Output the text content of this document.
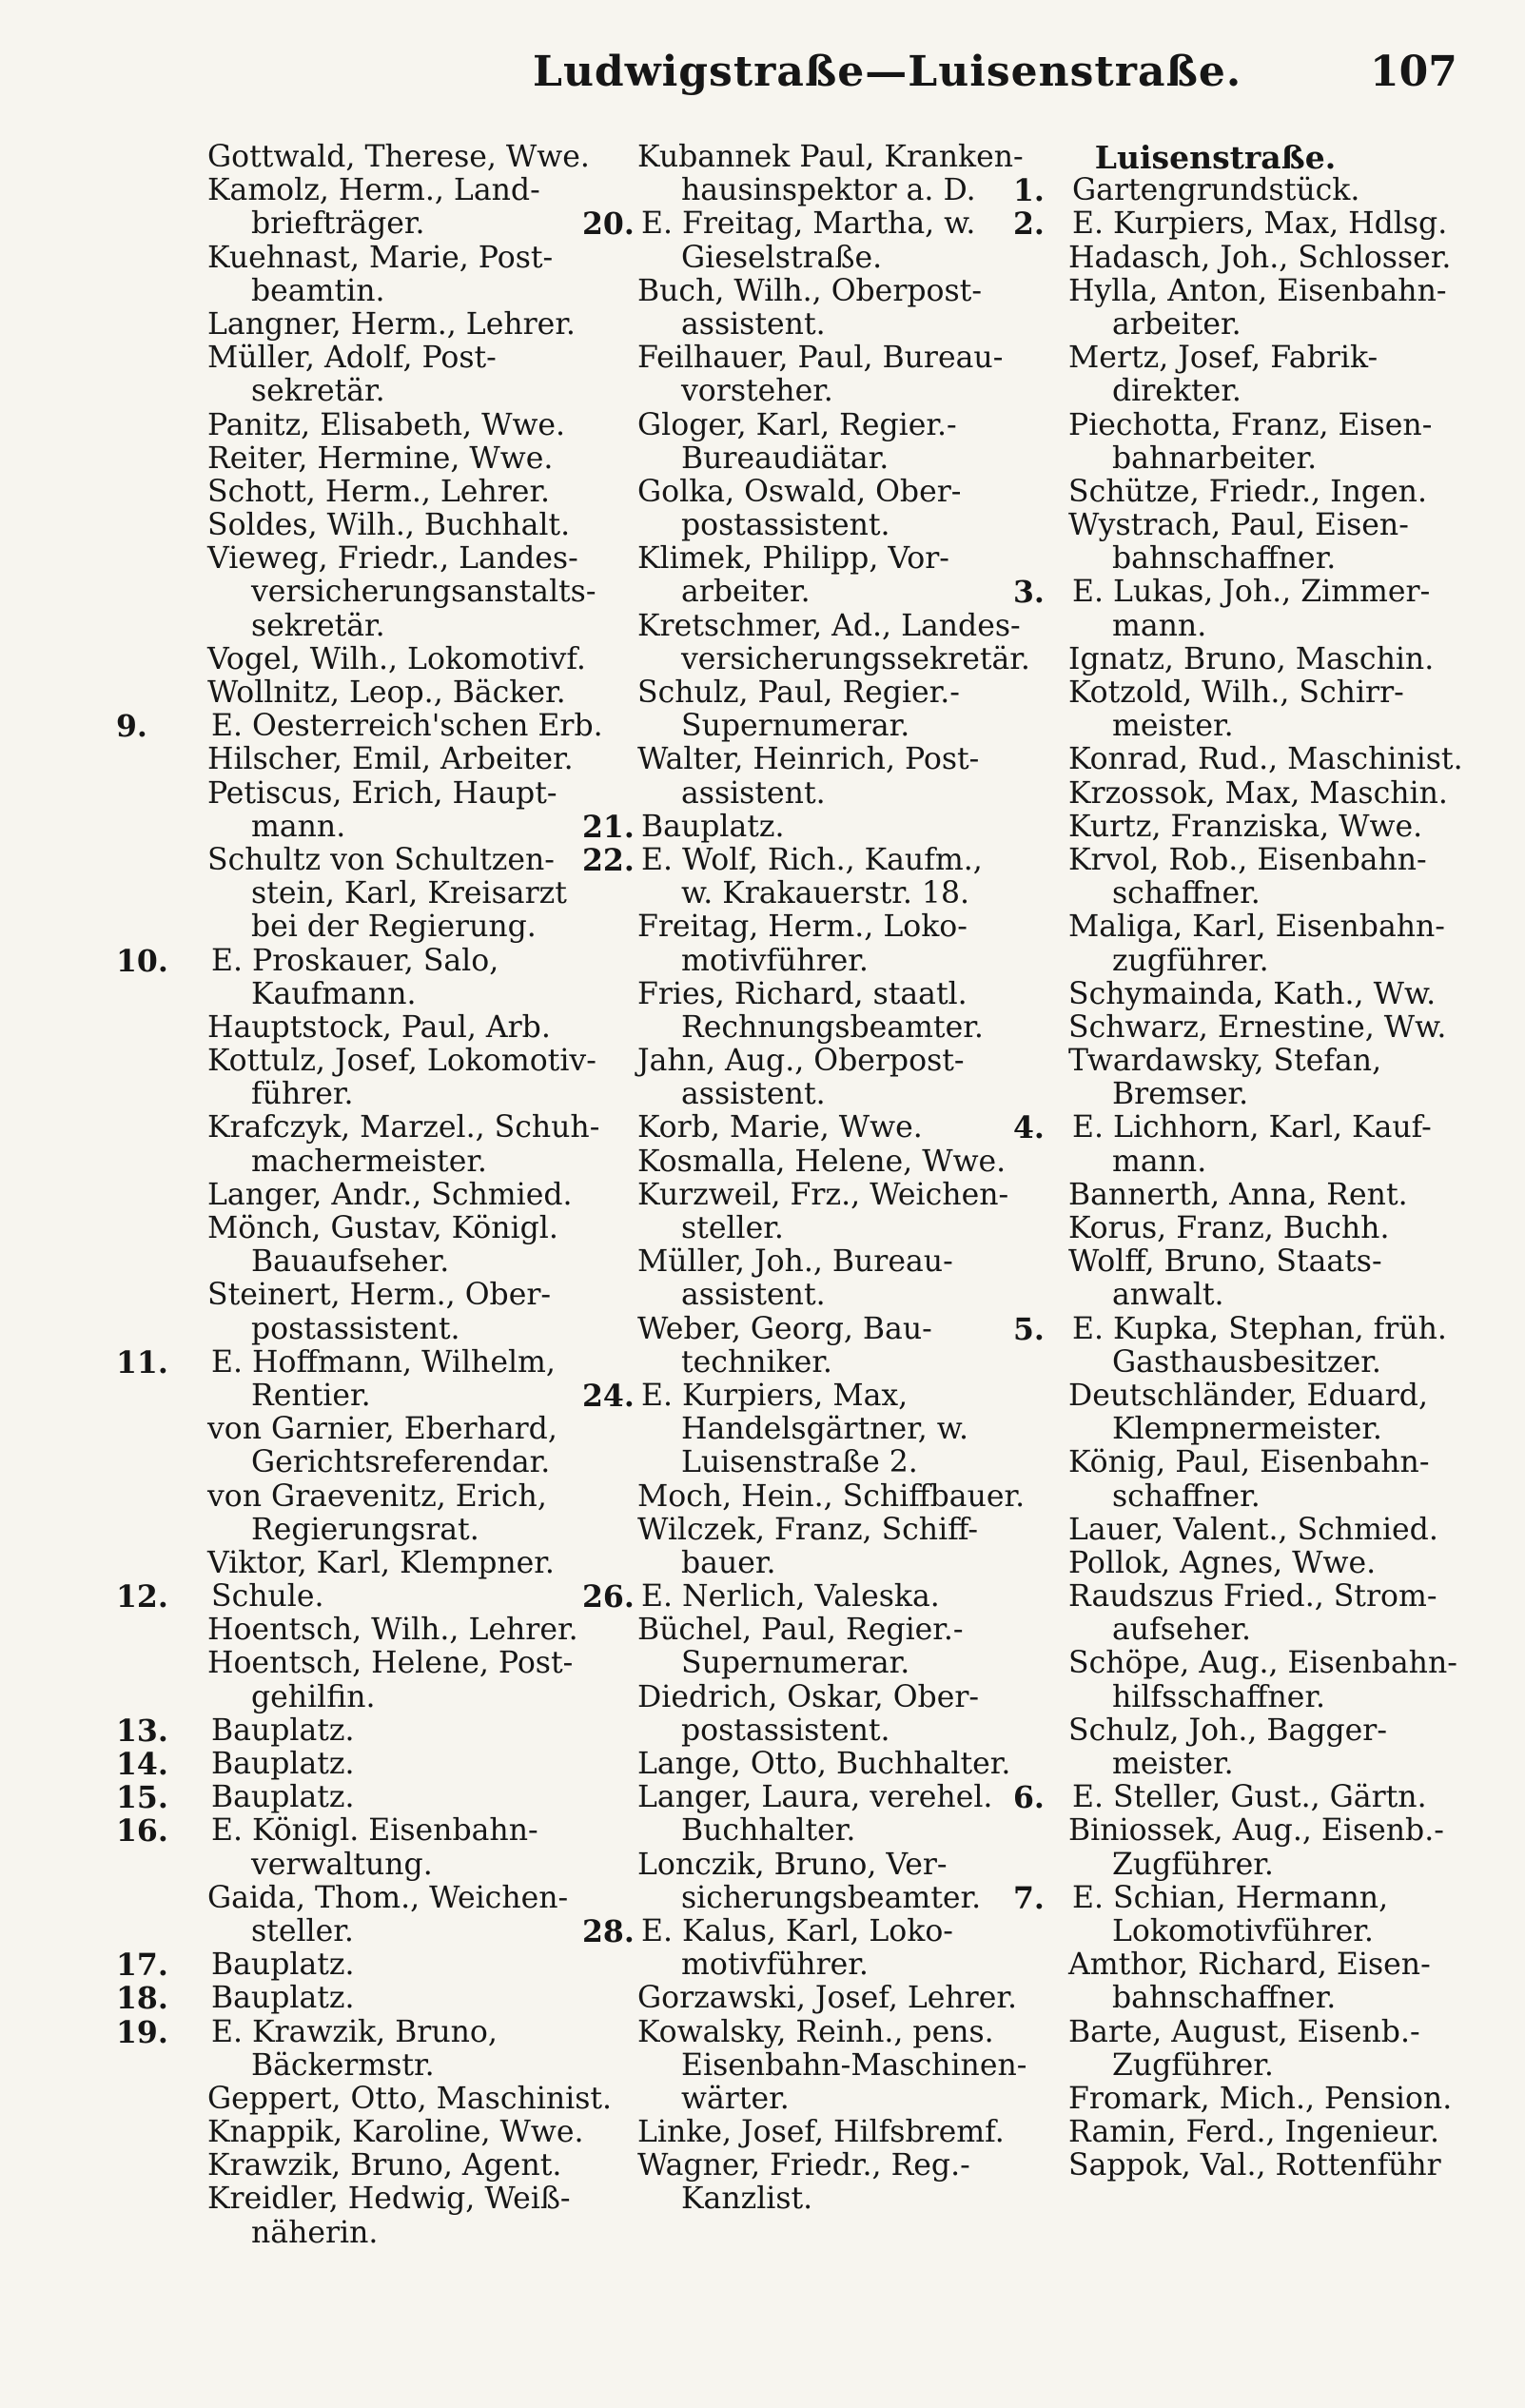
Ludwigstraße—Luisenstraße.	107
Gottwald, Therese, Wwe.
Kamolz, Herm., Land-
briefträger.
Kuehnast, Marie, Post-
beamtin.
Langner, Herm., Lehrer.
Müller, Adolf, Post-
sekretär.
Panitz, Elisabeth, Wwe.
Reiter, Hermine, Wwe.
Schott, Herm., Lehrer.
Soldes, Wilh., Buchhalt.
Vieweg, Friedr., Landes-
versicherungsanstalts-
sekretär.
Vogel, Wilh., Lokomotivf.
Wollnitz, Leop., Bäcker.
9. E. Oesterreich'schen Erb.
Hilscher, Emil, Arbeiter.
Petiscus, Erich, Haupt-
mann.
Schultz von Schultzen-
stein, Karl, Kreisarzt
bei der Regierung.
10. E. Proskauer, Salo,
Kaufmann.
Hauptstock, Paul, Arb.
Kottulz, Josef, Lokomotiv-
führer.
Krafczyk, Marzel., Schuh-
machermeister.
Langer, Andr., Schmied.
Mönch, Gustav, Königl.
Bauaufseher.
Steinert, Herm., Ober-
postassistent.
11. E. Hoffmann, Wilhelm,
Rentier.
von Garnier, Eberhard,
Gerichtsreferendar.
von Graevenitz, Erich,
Regierungsrat.
Viktor, Karl, Klempner.
12. Schule.
Hoentsch, Wilh., Lehrer.
Hoentsch, Helene, Post-
gehilfin.
13. Bauplatz.
14. Bauplatz.
15. Bauplatz.
16. E. Königl. Eisenbahn-
verwaltung.
Gaida, Thom., Weichen-
steller.
17. Bauplatz.
18. Bauplatz.
19. E. Krawzik, Bruno,
Bäckermstr.
Geppert, Otto, Maschinist.
Knappik, Karoline, Wwe.
Krawzik, Bruno, Agent.
Kreidler, Hedwig, Weiß-
näherin.
Kubannek Paul, Kranken-
hausinspektor a. D.
20. E. Freitag, Martha, w.
Gieselstraße.
Buch, Wilh., Oberpost-
assistent.
Feilhauer, Paul, Bureau-
vorsteher.
Gloger, Karl, Regier.-
Bureaudiätar.
Golka, Oswald, Ober-
postassistent.
Klimek, Philipp, Vor-
arbeiter.
Kretschmer, Ad., Landes-
versicherungssekretär.
Schulz, Paul, Regier.-
Supernumerar.
Walter, Heinrich, Post-
assistent.
21. Bauplatz.
22. E. Wolf, Rich., Kaufm.,
w. Krakauerstr. 18.
Freitag, Herm., Loko-
motivführer.
Fries, Richard, staatl.
Rechnungsbeamter.
Jahn, Aug., Oberpost-
assistent.
Korb, Marie, Wwe.
Kosmalla, Helene, Wwe.
Kurzweil, Frz., Weichen-
steller.
Müller, Joh., Bureau-
assistent.
Weber, Georg, Bau-
techniker.
24. E. Kurpiers, Max,
Handelsgärtner, w.
Luisenstraße 2.
Moch, Hein., Schiffbauer.
Wilczek, Franz, Schiff-
bauer.
26. E. Nerlich, Valeska.
Büchel, Paul, Regier.-
Supernumerar.
Diedrich, Oskar, Ober-
postassistent.
Lange, Otto, Buchhalter.
Langer, Laura, verehel.
Buchhalter.
Lonczik, Bruno, Ver-
sicherungsbeamter.
28. E. Kalus, Karl, Loko-
motivführer.
Gorzawski, Josef, Lehrer.
Kowalsky, Reinh., pens.
Eisenbahn-Maschinen-
wärter.
Linke, Josef, Hilfsbremf.
Wagner, Friedr., Reg.-
Kanzlist.
Luisenstraße.
1. Gartengrundstück.
2. E. Kurpiers, Max, Hdlsg.
Hadasch, Joh., Schlosser.
Hylla, Anton, Eisenbahn-
arbeiter.
Mertz, Josef, Fabrik-
direkter.
Piechotta, Franz, Eisen-
bahnarbeiter.
Schütze, Friedr., Ingen.
Wystrach, Paul, Eisen-
bahnschaffner.
3. E. Lukas, Joh., Zimmer-
mann.
Ignatz, Bruno, Maschin.
Kotzold, Wilh., Schirr-
meister.
Konrad, Rud., Maschinist.
Krzossok, Max, Maschin.
Kurtz, Franziska, Wwe.
Krvol, Rob., Eisenbahn-
schaffner.
Maliga, Karl, Eisenbahn-
zugführer.
Schymainda, Kath., Ww.
Schwarz, Ernestine, Ww.
Twardawsky, Stefan,
Bremser.
4. E. Lichhorn, Karl, Kauf-
mann.
Bannerth, Anna, Rent.
Korus, Franz, Buchh.
Wolff, Bruno, Staats-
anwalt.
5. E. Kupka, Stephan, früh.
Gasthausbesitzer.
Deutschländer, Eduard,
Klempnermeister.
König, Paul, Eisenbahn-
schaffner.
Lauer, Valent., Schmied.
Pollok, Agnes, Wwe.
Raudszus Fried., Strom-
aufseher.
Schöpe, Aug., Eisenbahn-
hilfsschaffner.
Schulz, Joh., Bagger-
meister.
6. E. Steller, Gust., Gärtn.
Biniossek, Aug., Eisenb.-
Zugführer.
7. E. Schian, Hermann,
Lokomotivführer.
Amthor, Richard, Eisen-
bahnschaffner.
Barte, August, Eisenb.-
Zugführer.
Fromark, Mich., Pension.
Ramin, Ferd., Ingenieur.
Sappok, Val., Rottenführ
